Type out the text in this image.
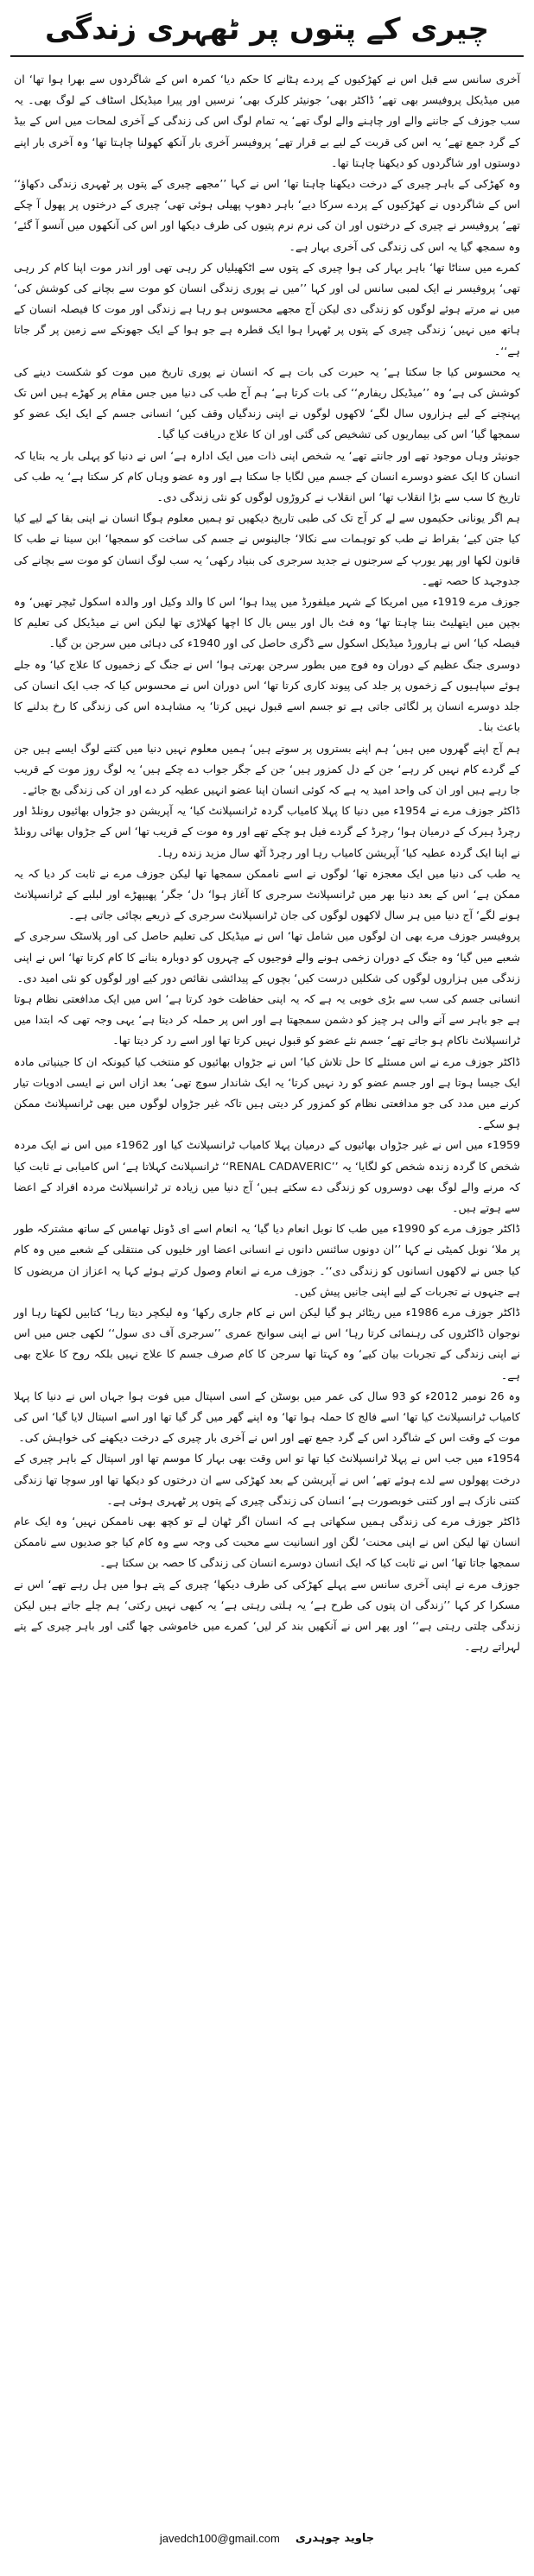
چیری کے پتوں پر ٹھہری زندگی

آخری سانس سے قبل اس نے کھڑکیوں کے پردے ہٹانے کا حکم دیا‘ کمرہ اس کے شاگردوں سے بھرا ہوا تھا‘ ان میں میڈیکل پروفیسر بھی تھے‘ ڈاکٹر بھی‘ جونیئر کلرک بھی‘ نرسیں اور پیرا میڈیکل اسٹاف کے لوگ بھی۔ یہ سب جوزف کے جاننے والے اور چاہنے والے لوگ تھے‘ یہ تمام لوگ اس کی زندگی کے آخری لمحات میں اس کے بیڈ کے گرد جمع تھے‘ یہ اس کی قربت کے لیے بے قرار تھے‘ پروفیسر آخری بار آنکھ کھولنا چاہتا تھا‘ وہ آخری بار اپنے دوستوں اور شاگردوں کو دیکھنا چاہتا تھا۔

وہ کھڑکی کے باہر چیری کے درخت دیکھنا چاہتا تھا‘ اس نے کہا ’’مجھے چیری کے پتوں پر ٹھہری زندگی دکھاؤ‘‘ اس کے شاگردوں نے کھڑکیوں کے پردے سرکا دیے‘ باہر دھوپ پھیلی ہوئی تھی‘ چیری کے درختوں پر پھول آ چکے تھے‘ پروفیسر نے چیری کے درختوں اور ان کی نرم نرم پتیوں کی طرف دیکھا اور اس کی آنکھوں میں آنسو آ گئے‘ وہ سمجھ گیا یہ اس کی زندگی کی آخری بہار ہے۔

کمرے میں سناٹا تھا‘ باہر بہار کی ہوا چیری کے پتوں سے اٹکھیلیاں کر رہی تھی اور اندر موت اپنا کام کر رہی تھی‘ پروفیسر نے ایک لمبی سانس لی اور کہا ’’میں نے پوری زندگی انسان کو موت سے بچانے کی کوشش کی‘ میں نے مرتے ہوئے لوگوں کو زندگی دی لیکن آج مجھے محسوس ہو رہا ہے زندگی اور موت کا فیصلہ انسان کے ہاتھ میں نہیں‘ زندگی چیری کے پتوں پر ٹھہرا ہوا ایک قطرہ ہے جو ہوا کے ایک جھونکے سے زمین پر گر جاتا ہے‘‘۔

یہ محسوس کیا جا سکتا ہے‘ یہ حیرت کی بات ہے کہ انسان نے پوری تاریخ میں موت کو شکست دینے کی کوشش کی ہے‘ وہ ’’میڈیکل ریفارم‘‘ کی بات کرتا ہے‘ ہم آج طب کی دنیا میں جس مقام پر کھڑے ہیں اس تک پہنچنے کے لیے ہزاروں سال لگے‘ لاکھوں لوگوں نے اپنی زندگیاں وقف کیں‘ انسانی جسم کے ایک ایک عضو کو سمجھا گیا‘ اس کی بیماریوں کی تشخیص کی گئی اور ان کا علاج دریافت کیا گیا۔

جونیئر وہاں موجود تھے اور جانتے تھے‘ یہ شخص اپنی ذات میں ایک ادارہ ہے‘ اس نے دنیا کو پہلی بار یہ بتایا کہ انسان کا ایک عضو دوسرے انسان کے جسم میں لگایا جا سکتا ہے اور وہ عضو وہاں کام کر سکتا ہے‘ یہ طب کی تاریخ کا سب سے بڑا انقلاب تھا‘ اس انقلاب نے کروڑوں لوگوں کو نئی زندگی دی۔

ہم اگر یونانی حکیموں سے لے کر آج تک کی طبی تاریخ دیکھیں تو ہمیں معلوم ہوگا انسان نے اپنی بقا کے لیے کیا کیا جتن کیے‘ بقراط نے طب کو توہمات سے نکالا‘ جالینوس نے جسم کی ساخت کو سمجھا‘ ابن سینا نے طب کا قانون لکھا اور پھر یورپ کے سرجنوں نے جدید سرجری کی بنیاد رکھی‘ یہ سب لوگ انسان کو موت سے بچانے کی جدوجہد کا حصہ تھے۔

جوزف مرے 1919ء میں امریکا کے شہر میلفورڈ میں پیدا ہوا‘ اس کا والد وکیل اور والدہ اسکول ٹیچر تھیں‘ وہ بچپن میں ایتھلیٹ بننا چاہتا تھا‘ وہ فٹ بال اور بیس بال کا اچھا کھلاڑی تھا لیکن اس نے میڈیکل کی تعلیم کا فیصلہ کیا‘ اس نے ہارورڈ میڈیکل اسکول سے ڈگری حاصل کی اور 1940ء کی دہائی میں سرجن بن گیا۔

دوسری جنگ عظیم کے دوران وہ فوج میں بطور سرجن بھرتی ہوا‘ اس نے جنگ کے زخمیوں کا علاج کیا‘ وہ جلے ہوئے سپاہیوں کے زخموں پر جلد کی پیوند کاری کرتا تھا‘ اس دوران اس نے محسوس کیا کہ جب ایک انسان کی جلد دوسرے انسان پر لگائی جاتی ہے تو جسم اسے قبول نہیں کرتا‘ یہ مشاہدہ اس کی زندگی کا رخ بدلنے کا باعث بنا۔

ہم آج اپنے گھروں میں ہیں‘ ہم اپنے بستروں پر سوتے ہیں‘ ہمیں معلوم نہیں دنیا میں کتنے لوگ ایسے ہیں جن کے گردے کام نہیں کر رہے‘ جن کے دل کمزور ہیں‘ جن کے جگر جواب دے چکے ہیں‘ یہ لوگ روز موت کے قریب جا رہے ہیں اور ان کی واحد امید یہ ہے کہ کوئی انسان اپنا عضو انہیں عطیہ کر دے اور ان کی زندگی بچ جائے۔

ڈاکٹر جوزف مرے نے 1954ء میں دنیا کا پہلا کامیاب گردہ ٹرانسپلانٹ کیا‘ یہ آپریشن دو جڑواں بھائیوں رونلڈ اور رچرڈ ہیرک کے درمیان ہوا‘ رچرڈ کے گردے فیل ہو چکے تھے اور وہ موت کے قریب تھا‘ اس کے جڑواں بھائی رونلڈ نے اپنا ایک گردہ عطیہ کیا‘ آپریشن کامیاب رہا اور رچرڈ آٹھ سال مزید زندہ رہا۔

یہ طب کی دنیا میں ایک معجزہ تھا‘ لوگوں نے اسے ناممکن سمجھا تھا لیکن جوزف مرے نے ثابت کر دیا کہ یہ ممکن ہے‘ اس کے بعد دنیا بھر میں ٹرانسپلانٹ سرجری کا آغاز ہوا‘ دل‘ جگر‘ پھیپھڑے اور لبلبے کے ٹرانسپلانٹ ہونے لگے‘ آج دنیا میں ہر سال لاکھوں لوگوں کی جان ٹرانسپلانٹ سرجری کے ذریعے بچائی جاتی ہے۔

پروفیسر جوزف مرے بھی ان لوگوں میں شامل تھا‘ اس نے میڈیکل کی تعلیم حاصل کی اور پلاسٹک سرجری کے شعبے میں گیا‘ وہ جنگ کے دوران زخمی ہونے والے فوجیوں کے چہروں کو دوبارہ بنانے کا کام کرتا تھا‘ اس نے اپنی زندگی میں ہزاروں لوگوں کی شکلیں درست کیں‘ بچوں کے پیدائشی نقائص دور کیے اور لوگوں کو نئی امید دی۔

انسانی جسم کی سب سے بڑی خوبی یہ ہے کہ یہ اپنی حفاظت خود کرتا ہے‘ اس میں ایک مدافعتی نظام ہوتا ہے جو باہر سے آنے والی ہر چیز کو دشمن سمجھتا ہے اور اس پر حملہ کر دیتا ہے‘ یہی وجہ تھی کہ ابتدا میں ٹرانسپلانٹ ناکام ہو جاتے تھے‘ جسم نئے عضو کو قبول نہیں کرتا تھا اور اسے رد کر دیتا تھا۔

ڈاکٹر جوزف مرے نے اس مسئلے کا حل تلاش کیا‘ اس نے جڑواں بھائیوں کو منتخب کیا کیونکہ ان کا جینیاتی مادہ ایک جیسا ہوتا ہے اور جسم عضو کو رد نہیں کرتا‘ یہ ایک شاندار سوچ تھی‘ بعد ازاں اس نے ایسی ادویات تیار کرنے میں مدد کی جو مدافعتی نظام کو کمزور کر دیتی ہیں تاکہ غیر جڑواں لوگوں میں بھی ٹرانسپلانٹ ممکن ہو سکے۔

1959ء میں اس نے غیر جڑواں بھائیوں کے درمیان پہلا کامیاب ٹرانسپلانٹ کیا اور 1962ء میں اس نے ایک مردہ شخص کا گردہ زندہ شخص کو لگایا‘ یہ ’’RENAL CADAVERIC‘‘ ٹرانسپلانٹ کہلاتا ہے‘ اس کامیابی نے ثابت کیا کہ مرنے والے لوگ بھی دوسروں کو زندگی دے سکتے ہیں‘ آج دنیا میں زیادہ تر ٹرانسپلانٹ مردہ افراد کے اعضا سے ہوتے ہیں۔

ڈاکٹر جوزف مرے کو 1990ء میں طب کا نوبل انعام دیا گیا‘ یہ انعام اسے ای ڈونل تھامس کے ساتھ مشترکہ طور پر ملا‘ نوبل کمیٹی نے کہا ’’ان دونوں سائنس دانوں نے انسانی اعضا اور خلیوں کی منتقلی کے شعبے میں وہ کام کیا جس نے لاکھوں انسانوں کو زندگی دی‘‘۔ جوزف مرے نے انعام وصول کرتے ہوئے کہا یہ اعزاز ان مریضوں کا ہے جنہوں نے تجربات کے لیے اپنی جانیں پیش کیں۔

ڈاکٹر جوزف مرے 1986ء میں ریٹائر ہو گیا لیکن اس نے کام جاری رکھا‘ وہ لیکچر دیتا رہا‘ کتابیں لکھتا رہا اور نوجوان ڈاکٹروں کی رہنمائی کرتا رہا‘ اس نے اپنی سوانح عمری ’’سرجری آف دی سول‘‘ لکھی جس میں اس نے اپنی زندگی کے تجربات بیان کیے‘ وہ کہتا تھا سرجن کا کام صرف جسم کا علاج نہیں بلکہ روح کا علاج بھی ہے۔

وہ 26 نومبر 2012ء کو 93 سال کی عمر میں بوسٹن کے اسی اسپتال میں فوت ہوا جہاں اس نے دنیا کا پہلا کامیاب ٹرانسپلانٹ کیا تھا‘ اسے فالج کا حملہ ہوا تھا‘ وہ اپنے گھر میں گر گیا تھا اور اسے اسپتال لایا گیا‘ اس کی موت کے وقت اس کے شاگرد اس کے گرد جمع تھے اور اس نے آخری بار چیری کے درخت دیکھنے کی خواہش کی۔

1954ء میں جب اس نے پہلا ٹرانسپلانٹ کیا تھا تو اس وقت بھی بہار کا موسم تھا اور اسپتال کے باہر چیری کے درخت پھولوں سے لدے ہوئے تھے‘ اس نے آپریشن کے بعد کھڑکی سے ان درختوں کو دیکھا تھا اور سوچا تھا زندگی کتنی نازک ہے اور کتنی خوبصورت ہے‘ انسان کی زندگی چیری کے پتوں پر ٹھہری ہوئی ہے۔

ڈاکٹر جوزف مرے کی زندگی ہمیں سکھاتی ہے کہ انسان اگر ٹھان لے تو کچھ بھی ناممکن نہیں‘ وہ ایک عام انسان تھا لیکن اس نے اپنی محنت‘ لگن اور انسانیت سے محبت کی وجہ سے وہ کام کیا جو صدیوں سے ناممکن سمجھا جاتا تھا‘ اس نے ثابت کیا کہ ایک انسان دوسرے انسان کی زندگی کا حصہ بن سکتا ہے۔

جوزف مرے نے اپنی آخری سانس سے پہلے کھڑکی کی طرف دیکھا‘ چیری کے پتے ہوا میں ہل رہے تھے‘ اس نے مسکرا کر کہا ’’زندگی ان پتوں کی طرح ہے‘ یہ ہلتی رہتی ہے‘ یہ کبھی نہیں رکتی‘ ہم چلے جاتے ہیں لیکن زندگی چلتی رہتی ہے‘‘ اور پھر اس نے آنکھیں بند کر لیں‘ کمرے میں خاموشی چھا گئی اور باہر چیری کے پتے لہراتے رہے۔

javedch100@gmail.com جاوید چوہدری
